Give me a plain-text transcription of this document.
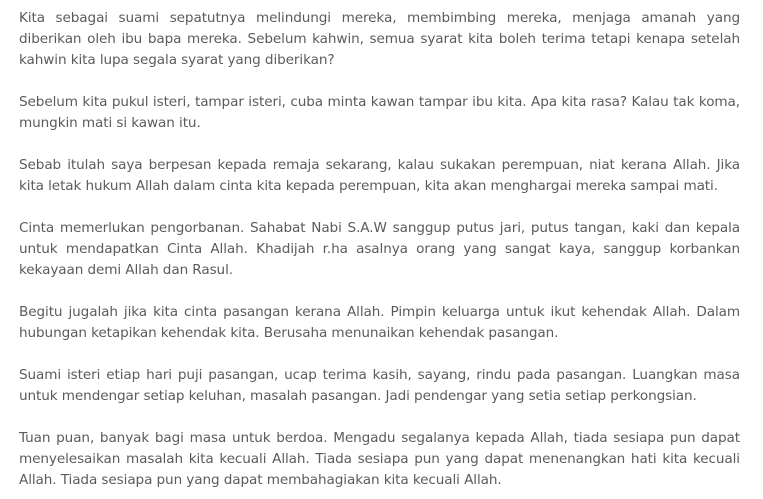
Kita sebagai suami sepatutnya melindungi mereka, membimbing mereka, menjaga amanah yang diberikan oleh ibu bapa mereka. Sebelum kahwin, semua syarat kita boleh terima tetapi kenapa setelah kahwin kita lupa segala syarat yang diberikan?

Sebelum kita pukul isteri, tampar isteri, cuba minta kawan tampar ibu kita. Apa kita rasa? Kalau tak koma, mungkin mati si kawan itu.

Sebab itulah saya berpesan kepada remaja sekarang, kalau sukakan perempuan, niat kerana Allah. Jika kita letak hukum Allah dalam cinta kita kepada perempuan, kita akan menghargai mereka sampai mati.

Cinta memerlukan pengorbanan. Sahabat Nabi S.A.W sanggup putus jari, putus tangan, kaki dan kepala untuk mendapatkan Cinta Allah. Khadijah r.ha asalnya orang yang sangat kaya, sanggup korbankan kekayaan demi Allah dan Rasul.

Begitu jugalah jika kita cinta pasangan kerana Allah. Pimpin keluarga untuk ikut kehendak Allah. Dalam hubungan ketapikan kehendak kita. Berusaha menunaikan kehendak pasangan.

Suami isteri etiap hari puji pasangan, ucap terima kasih, sayang, rindu pada pasangan. Luangkan masa untuk mendengar setiap keluhan, masalah pasangan. Jadi pendengar yang setia setiap perkongsian.

Tuan puan, banyak bagi masa untuk berdoa. Mengadu segalanya kepada Allah, tiada sesiapa pun dapat menyelesaikan masalah kita kecuali Allah. Tiada sesiapa pun yang dapat menenangkan hati kita kecuali Allah. Tiada sesiapa pun yang dapat membahagiakan kita kecuali Allah.
